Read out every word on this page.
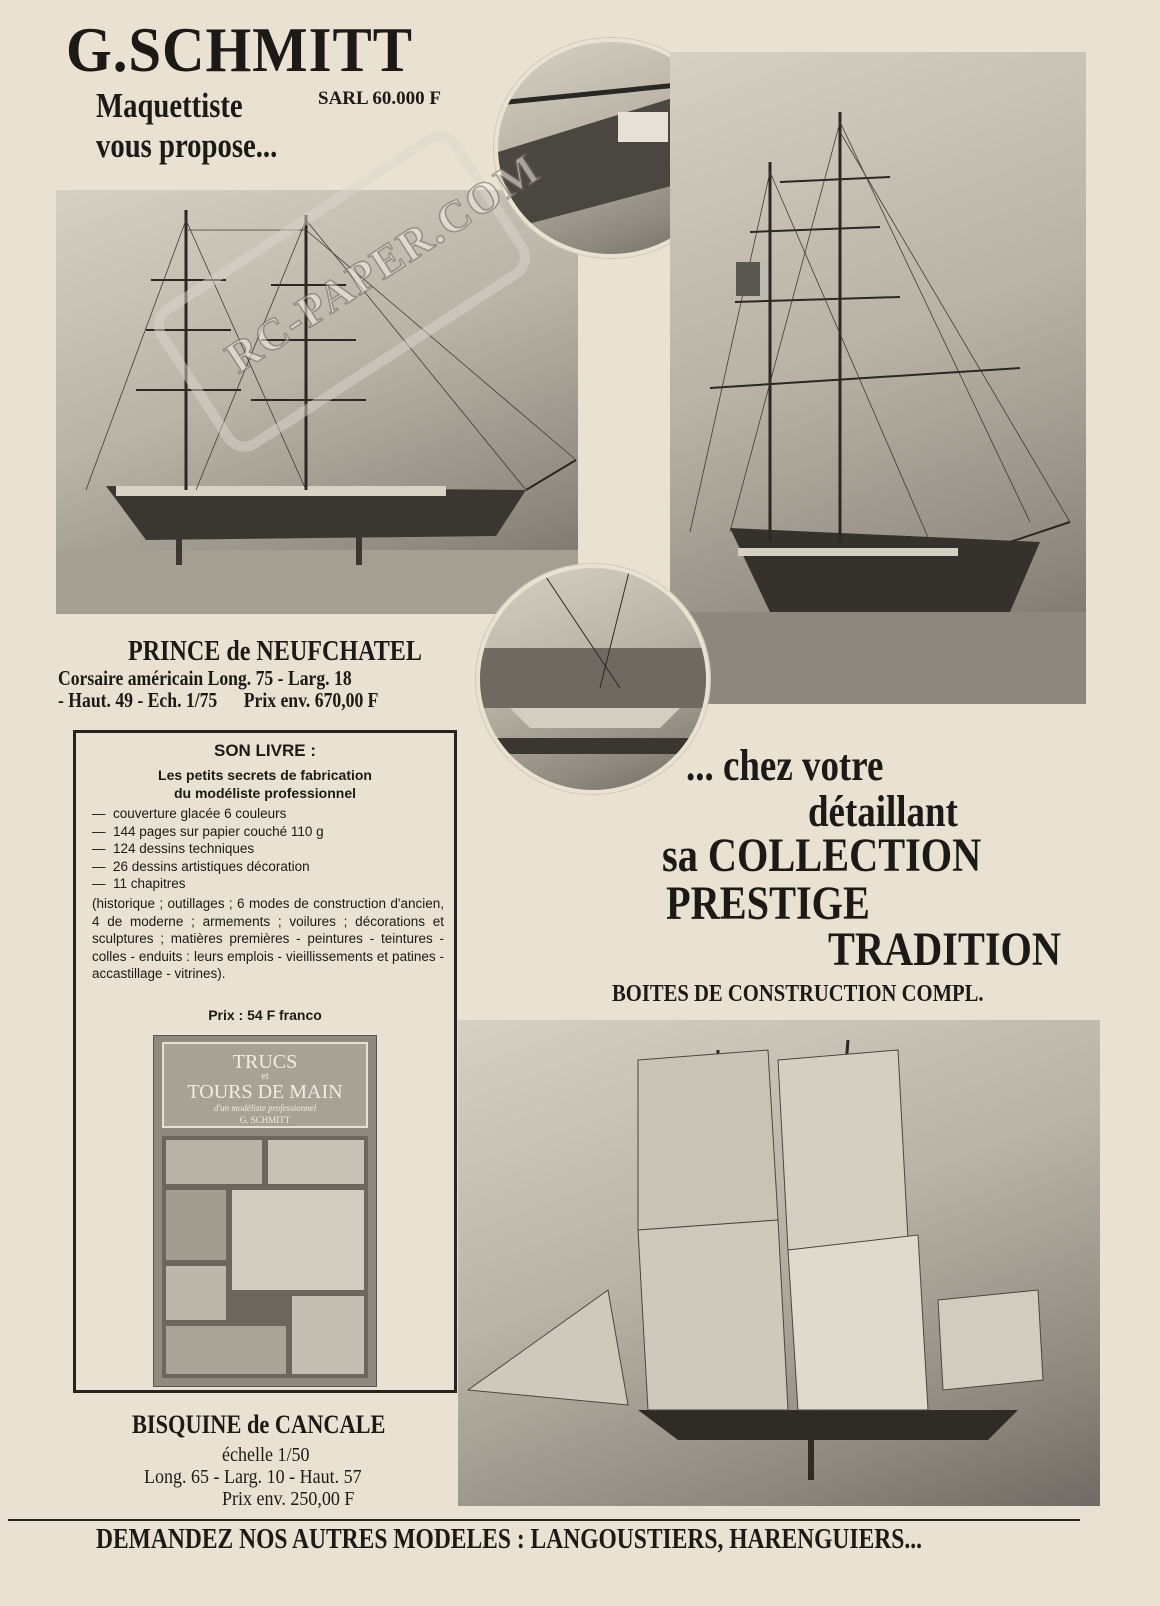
RC-PAPER.COM
G.SCHMITT
Maquettiste
vous propose...
SARL 60.000 F
PRINCE de NEUFCHATEL
Corsaire américain Long. 75 - Larg. 18
- Haut. 49 - Ech. 1/75      Prix env. 670,00 F
SON LIVRE :
Les petits secrets de fabrication
du modéliste professionnel
—  couverture glacée 6 couleurs
—  144 pages sur papier couché 110 g
—  124 dessins techniques
—  26 dessins artistiques décoration
—  11 chapitres
(historique ; outillages ; 6 modes de construction d'ancien, 4 de moderne ; armements ; voilures ; décorations et sculptures ; matières premières - peintures - teintures - colles - enduits : leurs emplois - vieillissements et patines - accastillage - vitrines).
Prix : 54 F franco
TRUCS
et
TOURS DE MAIN
d'un modéliste professionnel
G. SCHMITT
... chez votre
détaillant
sa COLLECTION
PRESTIGE
TRADITION
BOITES DE CONSTRUCTION COMPL.
BISQUINE de CANCALE
échelle 1/50
Long. 65 - Larg. 10 - Haut. 57
Prix env. 250,00 F
DEMANDEZ NOS AUTRES MODELES : LANGOUSTIERS, HARENGUIERS...
